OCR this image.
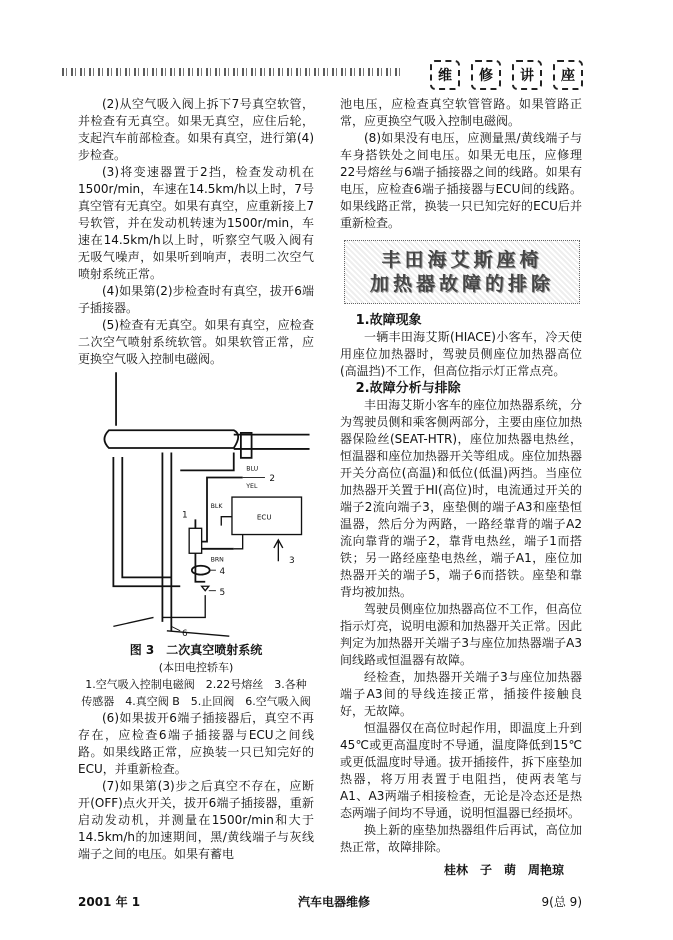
维	修	讲	座

(2)从空气吸入阀上拆下7号真空软管，并检查有无真空。如果无真空，应住后轮，支起汽车前部检查。如果有真空，进行第(4)步检查。

(3)将变速器置于2挡，检查发动机在1500r/min，车速在14.5km/h以上时，7号真空管有无真空。如果有真空，应重新接上7号软管，并在发动机转速为1500r/min，车速在14.5km/h以上时，听察空气吸入阀有无吸气噪声，如果听到响声，表明二次空气喷射系统正常。

(4)如果第(2)步检查时有真空，拔开6端子插接器。

(5)检查有无真空。如果有真空，应检查二次空气喷射系统软管。如果软管正常，应更换空气吸入控制电磁阀。

BLU
YEL
2
BLK
ECU
BRN	3
1
4
5
6
图 3　二次真空喷射系统
(本田电控轿车)
1.空气吸入控制电磁阀　2.22号熔丝　3.各种
传感器　4.真空阀 B　5.止回阀　6.空气吸入阀

(6)如果拔开6端子插接器后，真空不再存在，应检查6端子插接器与ECU之间线路。如果线路正常，应换装一只已知完好的ECU，并重新检查。

(7)如果第(3)步之后真空不存在，应断开(OFF)点火开关，拔开6端子插接器，重新启动发动机，并测量在1500r/min和大于14.5km/h的加速期间，黑/黄线端子与灰线端子之间的电压。如果有蓄电

池电压，应检查真空软管管路。如果管路正常，应更换空气吸入控制电磁阀。

(8)如果没有电压，应测量黑/黄线端子与车身搭铁处之间电压。如果无电压，应修理22号熔丝与6端子插接器之间的线路。如果有电压，应检查6端子插接器与ECU间的线路。如果线路正常，换装一只已知完好的ECU后并重新检查。

丰田海艾斯座椅
加热器故障的排除

1.故障现象

一辆丰田海艾斯(HIACE)小客车，冷天使用座位加热器时，驾驶员侧座位加热器高位(高温挡)不工作，但高位指示灯正常点亮。

2.故障分析与排除

丰田海艾斯小客车的座位加热器系统，分为驾驶员侧和乘客侧两部分，主要由座位加热器保险丝(SEAT-HTR)，座位加热器电热丝，恒温器和座位加热器开关等组成。座位加热器开关分高位(高温)和低位(低温)两挡。当座位加热器开关置于HI(高位)时，电流通过开关的端子2流向端子3，座垫侧的端子A3和座垫恒温器，然后分为两路，一路经靠背的端子A2流向靠背的端子2，靠背电热丝，端子1而搭铁；另一路经座垫电热丝，端子A1，座位加热器开关的端子5，端子6而搭铁。座垫和靠背均被加热。

驾驶员侧座位加热器高位不工作，但高位指示灯亮，说明电源和加热器开关正常。因此判定为加热器开关端子3与座位加热器端子A3间线路或恒温器有故障。

经检查，加热器开关端子3与座位加热器端子A3间的导线连接正常，插接件接触良好，无故障。

恒温器仅在高位时起作用，即温度上升到45℃或更高温度时不导通，温度降低到15℃或更低温度时导通。拔开插接件，拆下座垫加热器，将万用表置于电阻挡，使两表笔与A1、A3两端子相接检查，无论是冷态还是热态两端子间均不导通，说明恒温器已经损坏。

换上新的座垫加热器组件后再试，高位加热正常，故障排除。

桂林　子　萌　周艳琼

2001 年 1	汽车电器维修	9(总 9)
